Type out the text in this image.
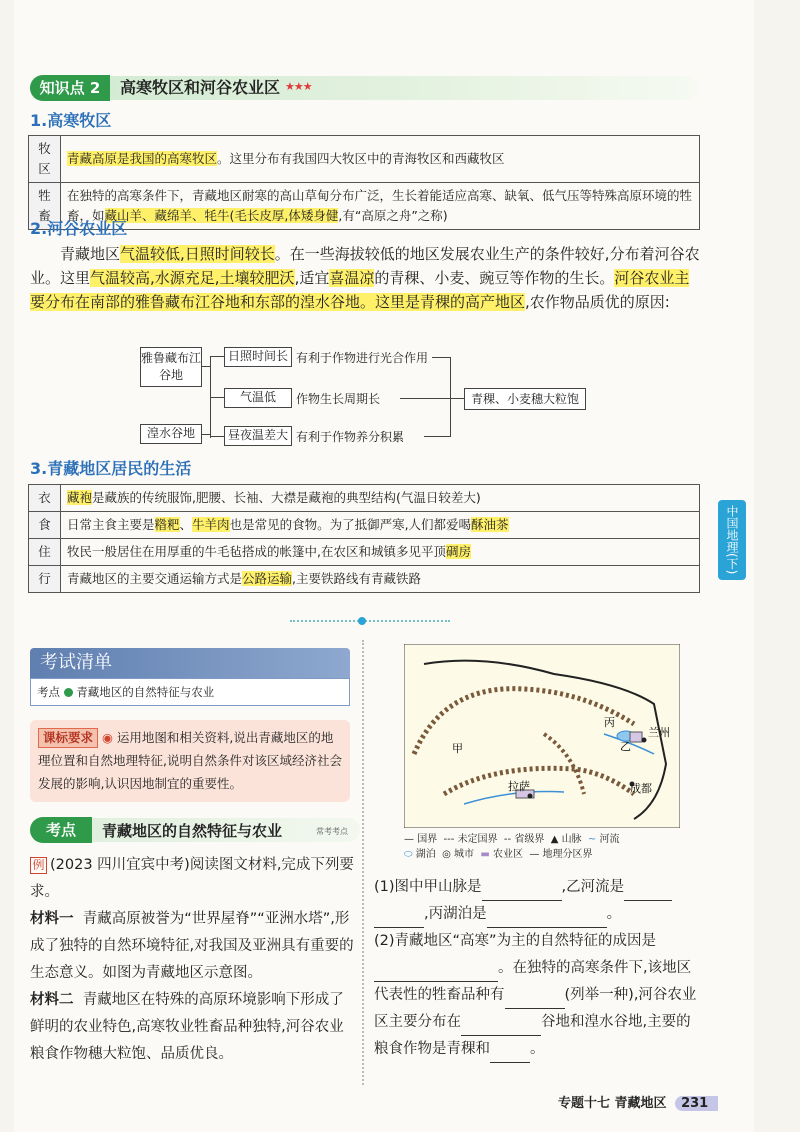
知识点 2	高寒牧区和河谷农业区 ★★★
1.高寒牧区
牧区	青藏高原是我国的高寒牧区。这里分布有我国四大牧区中的青海牧区和西藏牧区
牲畜	在独特的高寒条件下，青藏地区耐寒的高山草甸分布广泛，生长着能适应高寒、缺氧、低气压等特殊高原环境的牲畜，如藏山羊、藏绵羊、牦牛(毛长皮厚,体矮身健,有“高原之舟”之称)
2.河谷农业区
青藏地区气温较低,日照时间较长。在一些海拔较低的地区发展农业生产的条件较好,分布着河谷农业。这里气温较高,水源充足,土壤较肥沃,适宜喜温凉的青稞、小麦、豌豆等作物的生长。河谷农业主要分布在南部的雅鲁藏布江谷地和东部的湟水谷地。这里是青稞的高产地区,农作物品质优的原因:
雅鲁藏布江谷地
湟水谷地
日照时间长
气温低
昼夜温差大
有利于作物进行光合作用
作物生长周期长
有利于作物养分积累
青稞、小麦穗大粒饱
3.青藏地区居民的生活
衣	藏袍是藏族的传统服饰,肥腰、长袖、大襟是藏袍的典型结构(气温日较差大)
食	日常主食主要是糌粑、牛羊肉也是常见的食物。为了抵御严寒,人们都爱喝酥油茶
住	牧民一般居住在用厚重的牛毛毡搭成的帐篷中,在农区和城镇多见平顶碉房
行	青藏地区的主要交通运输方式是公路运输,主要铁路线有青藏铁路
中国地理(下)
考试清单
考点 青藏地区的自然特征与农业
课标要求 ◉ 运用地图和相关资料,说出青藏地区的地理位置和自然地理特征,说明自然条件对该区域经济社会发展的影响,认识因地制宜的重要性。
考点	青藏地区的自然特征与农业	常考考点
例 (2023 四川宜宾中考)阅读图文材料,完成下列要求。
材料一 青藏高原被誉为“世界屋脊”“亚洲水塔”,形成了独特的自然环境特征,对我国及亚洲具有重要的生态意义。如图为青藏地区示意图。
材料二 青藏地区在特殊的高原环境影响下形成了鲜明的农业特色,高寒牧业牲畜品种独特,河谷农业粮食作物穗大粒饱、品质优良。
丙
甲	乙
拉萨	成都
兰州
— 国界 --- 未定国界 -- 省级界 ▲ 山脉 ~ 河流
⬭ 湖泊 ◎ 城市 ▬ 农业区 — 地理分区界
(1)图中甲山脉是	,乙河流是
,丙湖泊是	。
(2)青藏地区“高寒”为主的自然特征的成因是
。在独特的高寒条件下,该地区代表性的牲畜品种有	(列举一种),河谷农业区主要分布在	谷地和湟水谷地,主要的粮食作物是青稞和	。
专题十七 青藏地区 231
